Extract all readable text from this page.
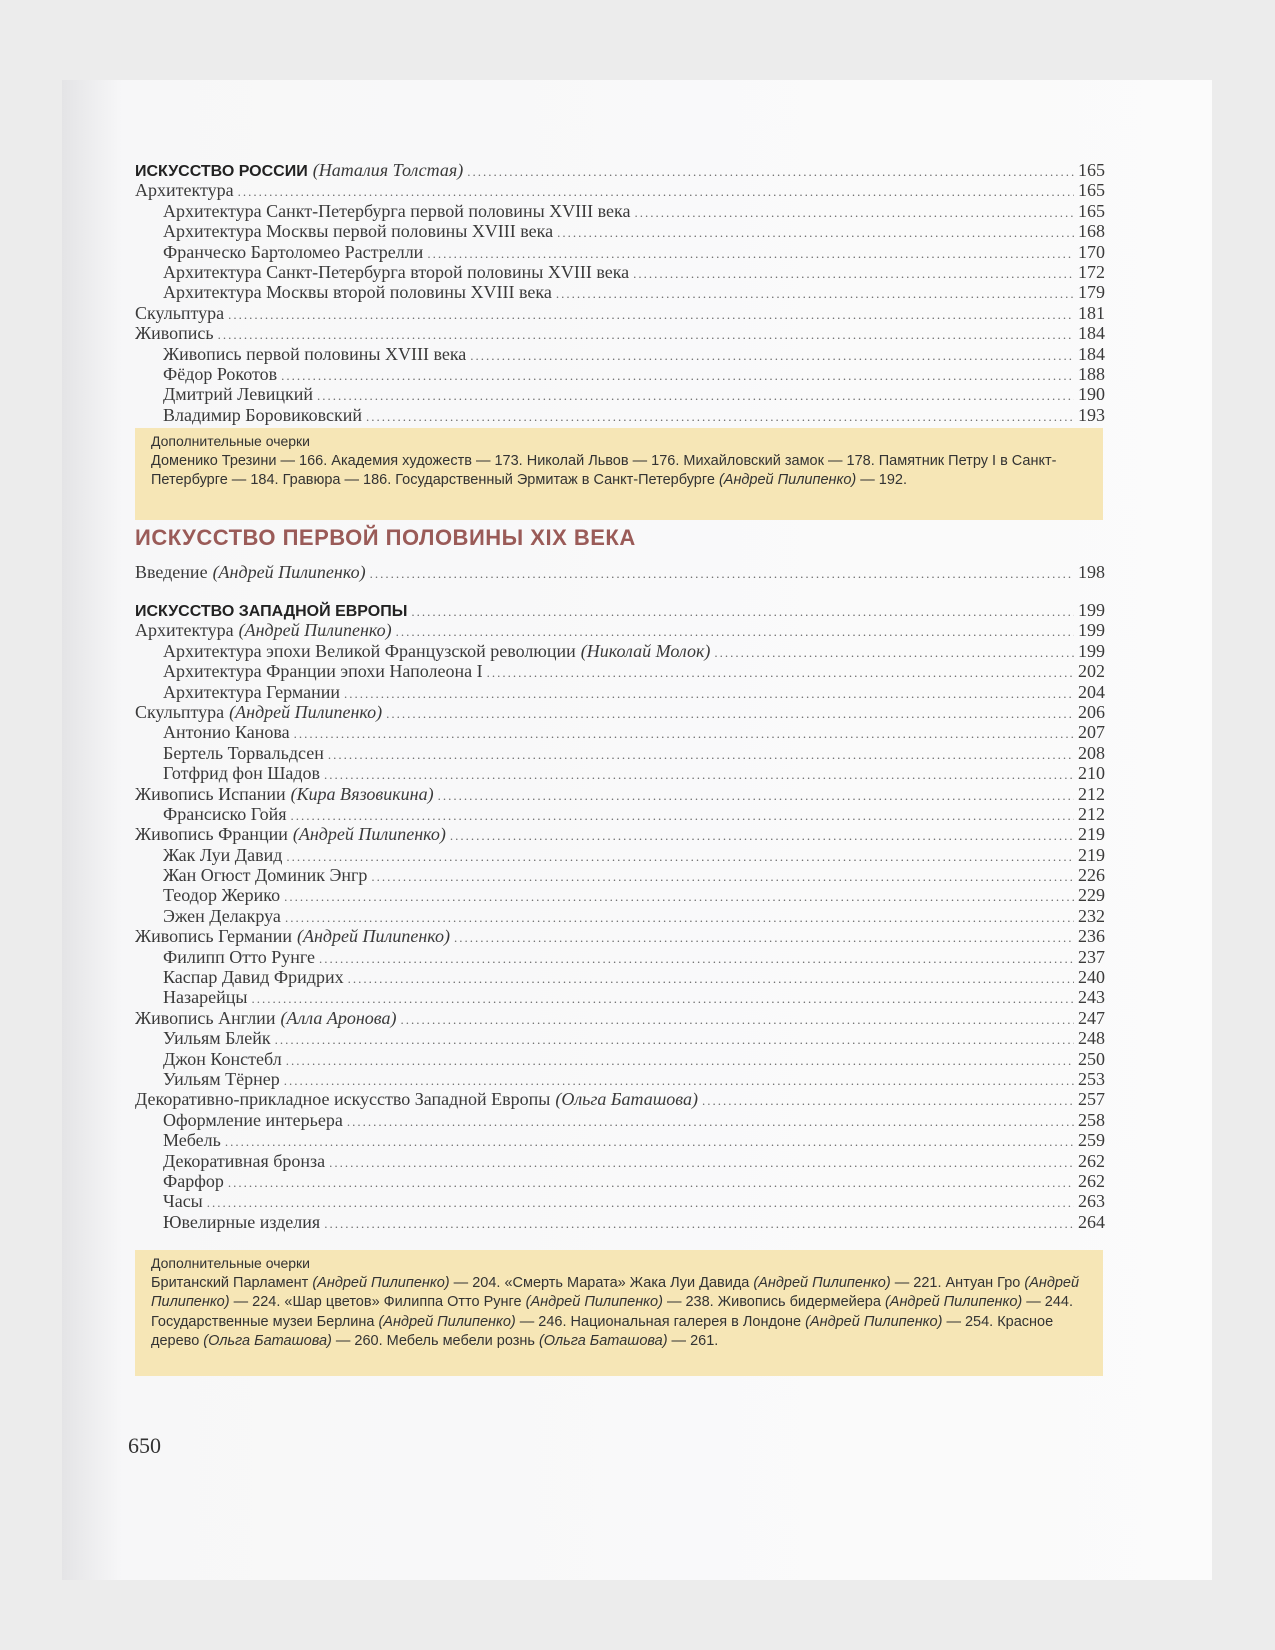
ИСКУССТВО РОССИИ (Наталия Толстая) .....	165
Архитектура .....	165
Архитектура Санкт-Петербурга первой половины XVIII века .....	165
Архитектура Москвы первой половины XVIII века .....	168
Франческо Бартоломео Растрелли .....	170
Архитектура Санкт-Петербурга второй половины XVIII века .....	172
Архитектура Москвы второй половины XVIII века .....	179
Скульптура .....	181
Живопись .....	184
Живопись первой половины XVIII века .....	184
Фёдор Рокотов .....	188
Дмитрий Левицкий .....	190
Владимир Боровиковский .....	193
Дополнительные очерки
Доменико Трезини — 166. Академия художеств — 173. Николай Львов — 176. Михайловский замок — 178. Памятник Петру I в Санкт-Петербурге — 184. Гравюра — 186. Государственный Эрмитаж в Санкт-Петербурге (Андрей Пилипенко) — 192.
ИСКУССТВО ПЕРВОЙ ПОЛОВИНЫ XIX ВЕКА
Введение (Андрей Пилипенко) .....	198
ИСКУССТВО ЗАПАДНОЙ ЕВРОПЫ .....	199
Архитектура (Андрей Пилипенко) .....	199
Архитектура эпохи Великой Французской революции (Николай Молок) .....	199
Архитектура Франции эпохи Наполеона I .....	202
Архитектура Германии .....	204
Скульптура (Андрей Пилипенко) .....	206
Антонио Канова .....	207
Бертель Торвальдсен .....	208
Готфрид фон Шадов .....	210
Живопись Испании (Кира Вязовикина) .....	212
Франсиско Гойя .....	212
Живопись Франции (Андрей Пилипенко) .....	219
Жак Луи Давид .....	219
Жан Огюст Доминик Энгр .....	226
Теодор Жерико .....	229
Эжен Делакруа .....	232
Живопись Германии (Андрей Пилипенко) .....	236
Филипп Отто Рунге .....	237
Каспар Давид Фридрих .....	240
Назарейцы .....	243
Живопись Англии (Алла Аронова) .....	247
Уильям Блейк .....	248
Джон Констебл .....	250
Уильям Тёрнер .....	253
Декоративно-прикладное искусство Западной Европы (Ольга Баташова) .....	257
Оформление интерьера .....	258
Мебель .....	259
Декоративная бронза .....	262
Фарфор .....	262
Часы .....	263
Ювелирные изделия .....	264
Дополнительные очерки
Британский Парламент (Андрей Пилипенко) — 204. «Смерть Марата» Жака Луи Давида (Андрей Пилипенко) — 221. Антуан Гро (Андрей Пилипенко) — 224. «Шар цветов» Филиппа Отто Рунге (Андрей Пилипенко) — 238. Живопись бидермейера (Андрей Пилипенко) — 244. Государственные музеи Берлина (Андрей Пилипенко) — 246. Национальная галерея в Лондоне (Андрей Пилипенко) — 254. Красное дерево (Ольга Баташова) — 260. Мебель мебели рознь (Ольга Баташова) — 261.
650
